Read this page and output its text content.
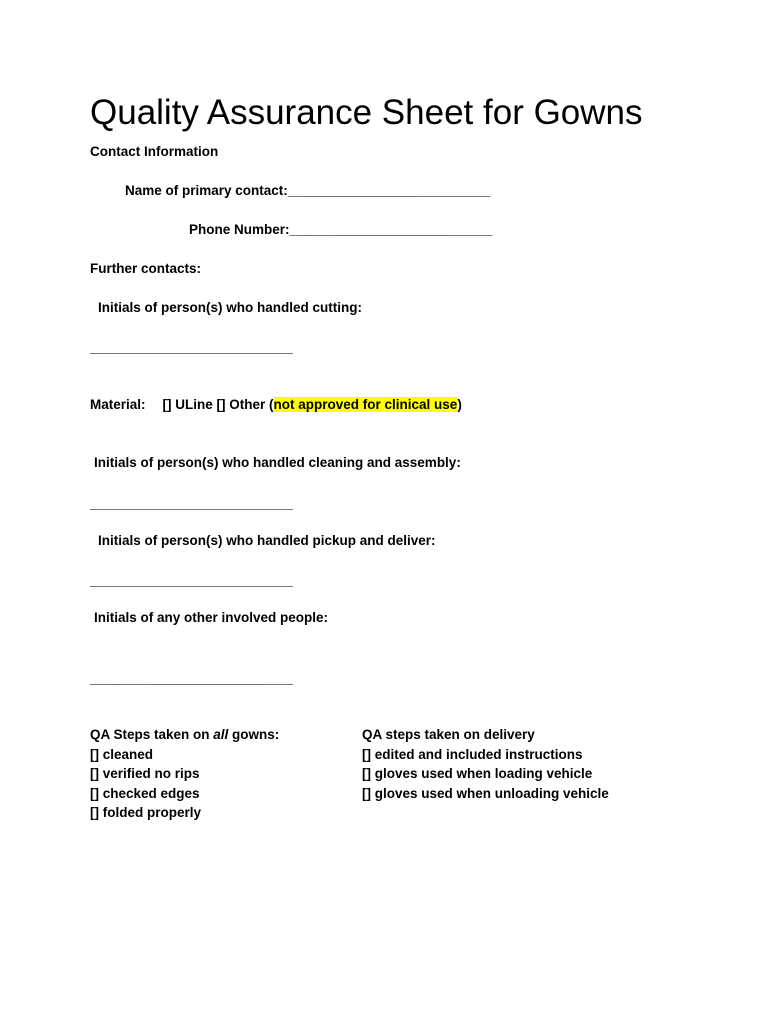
Quality Assurance Sheet for Gowns
Contact Information
Name of primary contact:___________________________
Phone Number:___________________________
Further contacts:
Initials of person(s) who handled cutting:
___________________________
Material: [] ULine [] Other (not approved for clinical use)
Initials of person(s) who handled cleaning and assembly:
___________________________
Initials of person(s) who handled pickup and deliver:
___________________________
Initials of any other involved people:
___________________________
QA Steps taken on all gowns:
[] cleaned
[] verified no rips
[] checked edges
[] folded properly
QA steps taken on delivery
[] edited and included instructions
[] gloves used when loading vehicle
[] gloves used when unloading vehicle
